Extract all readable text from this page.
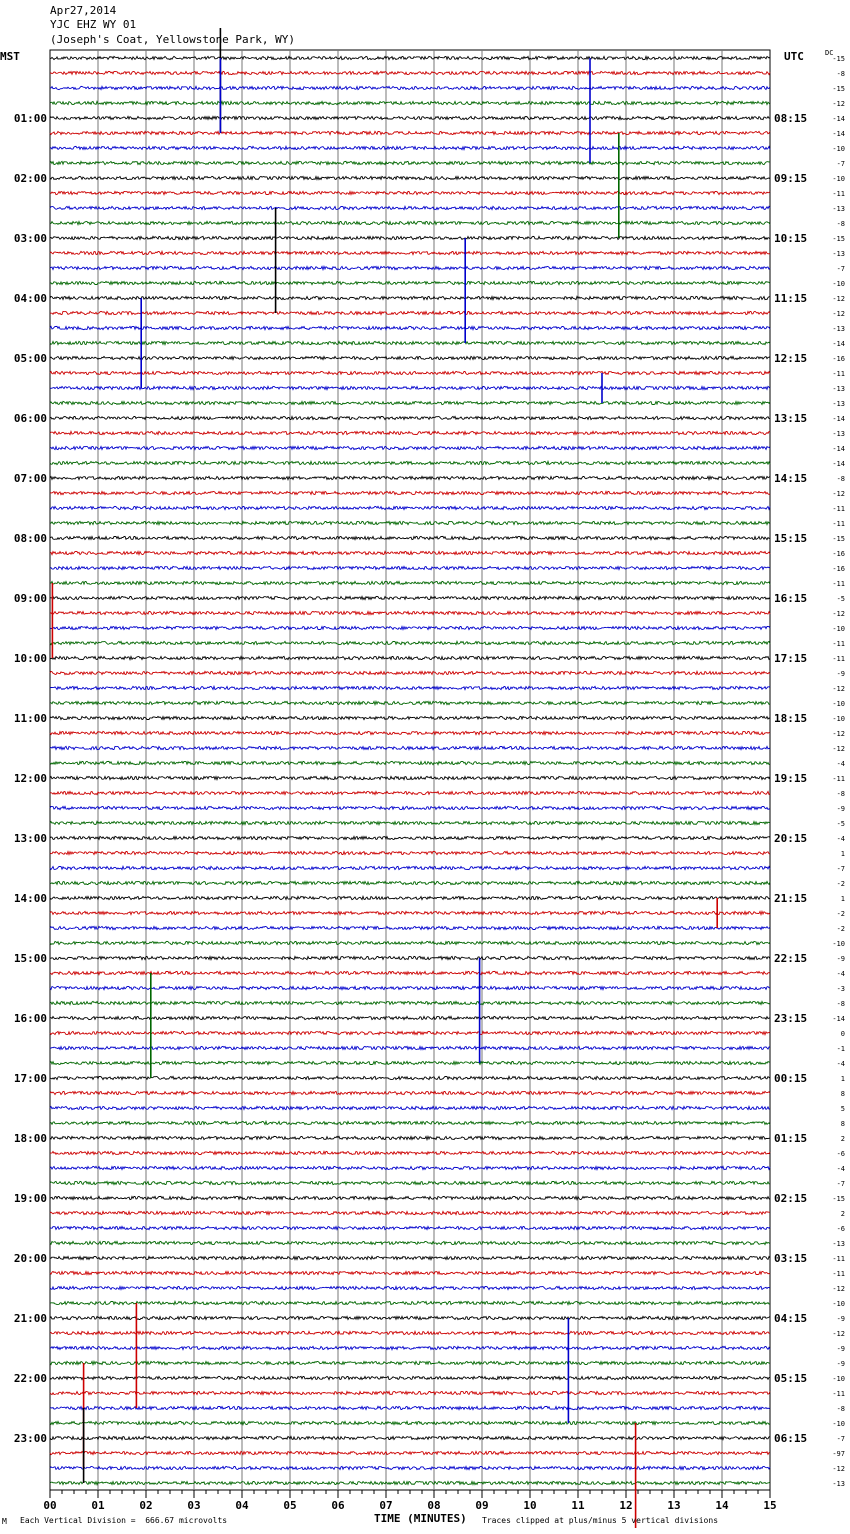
Apr27,2014
YJC EHZ WY 01
(Joseph's Coat, Yellowstone Park, WY)
MST	UTC	DC
01:00
02:00
03:00
04:00
05:00
06:00
07:00
08:00
09:00
10:00
11:00
12:00
13:00
14:00
15:00
16:00
17:00
18:00
19:00
20:00
21:00
22:00
23:00
08:15
09:15
10:15
11:15
12:15
13:15
14:15
15:15
16:15
17:15
18:15
19:15
20:15
21:15
22:15
23:15
00:15
01:15
02:15
03:15
04:15
05:15
06:15
-15
-8
-15
-12
-14
-14
-10
-7
-10
-11
-13
-8
-15
-13
-7
-10
-12
-12
-13
-14
-16
-11
-13
-13
-14
-13
-14
-14
-8
-12
-11
-11
-15
-16
-16
-11
-5
-12
-10
-11
-11
-9
-12
-10
-10
-12
-12
-4
-11
-8
-9
-5
-4
1
-7
-2
1
-2
-2
-10
-9
-4
-3
-8
-14
0
-1
-4
1
8
5
8
2
-6
-4
-7
-15
2
-6
-13
-11
-11
-12
-10
-9
-12
-9
-9
-10
-11
-8
-10
-7
-97
-12
-13
00	01	02	03	04	05	06	07	08	09	10	11	12	13	14	15
M Each Vertical Division =  666.67 microvolts	TIME (MINUTES) Traces clipped at plus/minus 5 vertical divisions
